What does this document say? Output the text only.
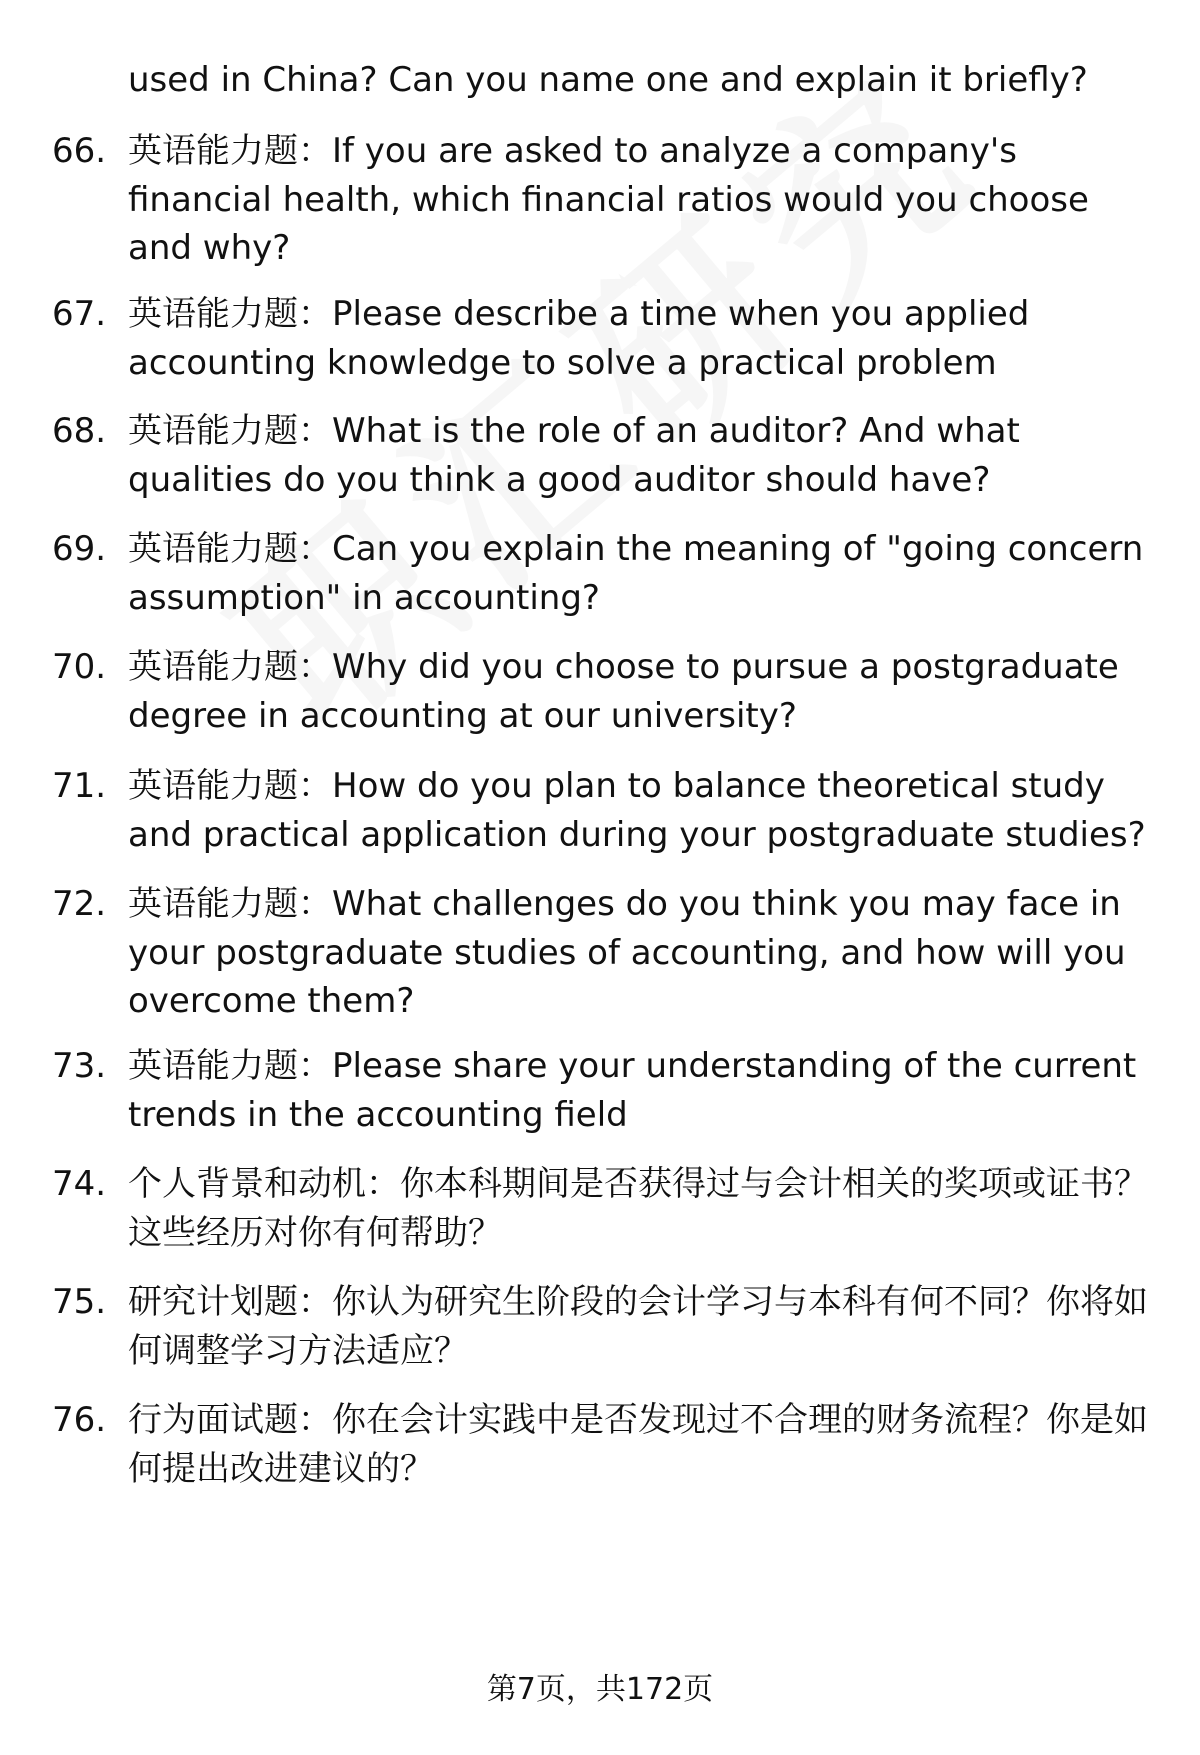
used in China? Can you name one and explain it briefly?
66. 英语能力题：If you are asked to analyze a company's financial health, which financial ratios would you choose and why?
67. 英语能力题：Please describe a time when you applied accounting knowledge to solve a practical problem
68. 英语能力题：What is the role of an auditor? And what qualities do you think a good auditor should have?
69. 英语能力题：Can you explain the meaning of "going concern assumption" in accounting?
70. 英语能力题：Why did you choose to pursue a postgraduate degree in accounting at our university?
71. 英语能力题：How do you plan to balance theoretical study and practical application during your postgraduate studies?
72. 英语能力题：What challenges do you think you may face in your postgraduate studies of accounting, and how will you overcome them?
73. 英语能力题：Please share your understanding of the current trends in the accounting field
74. 个人背景和动机：你本科期间是否获得过与会计相关的奖项或证书？这些经历对你有何帮助？
75. 研究计划题：你认为研究生阶段的会计学习与本科有何不同？你将如何调整学习方法适应？
76. 行为面试题：你在会计实践中是否发现过不合理的财务流程？你是如何提出改进建议的？
第7页，共172页
